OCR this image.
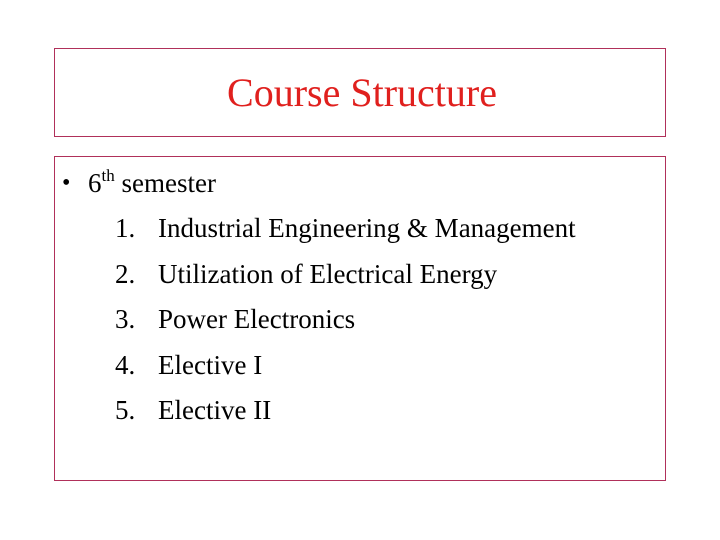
Course Structure
• 6th semester
1. Industrial Engineering & Management
2. Utilization of Electrical Energy
3. Power Electronics
4. Elective I
5. Elective II
